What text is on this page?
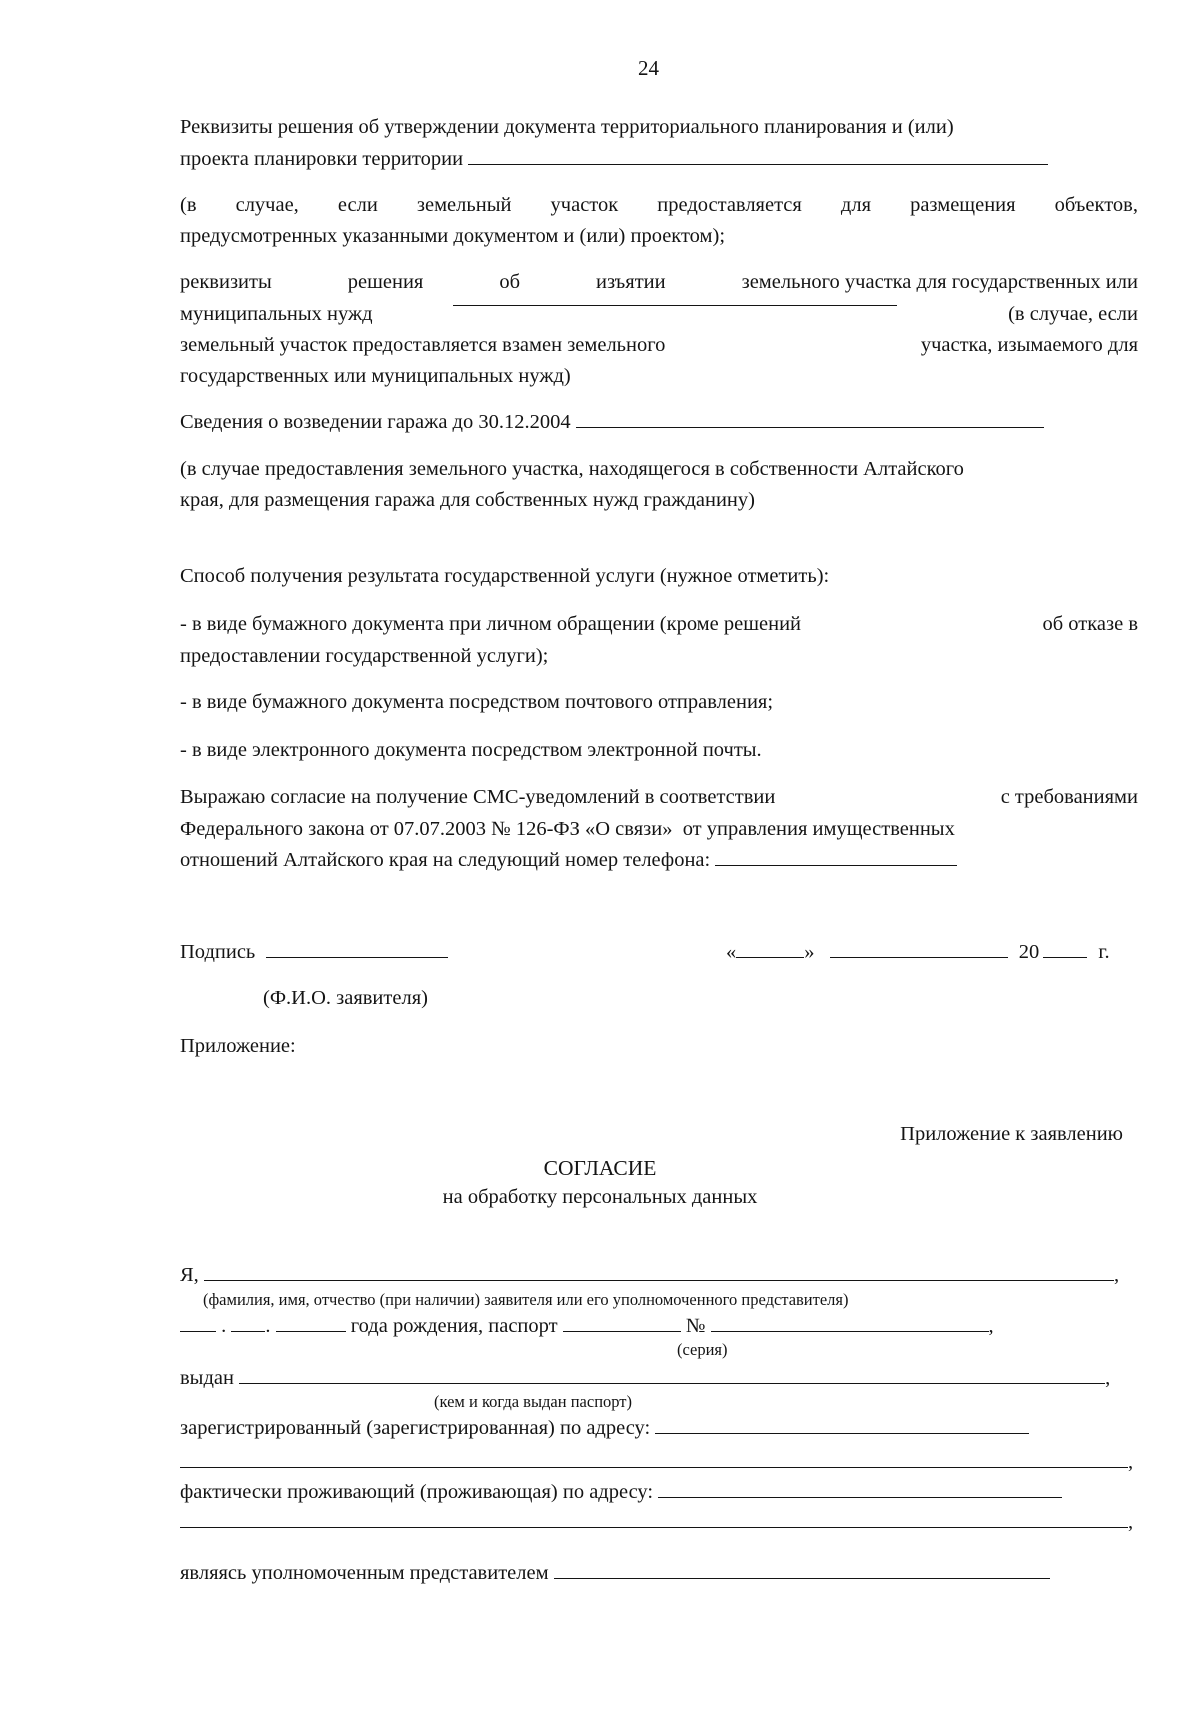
24
Реквизиты решения об утверждении документа территориального планирования и (или)
проекта планировки территории
(в случае, если земельный участок предоставляется для размещения объектов,
предусмотренных указанными документом и (или) проектом);
реквизиты	решения	об	изъятии	земельного участка для государственных или
муниципальных нужд	(в случае, если
земельный участок предоставляется взамен земельного	участка, изымаемого для
государственных или муниципальных нужд)
Сведения о возведении гаража до 30.12.2004
(в случае предоставления земельного участка, находящегося в собственности Алтайского
края, для размещения гаража для собственных нужд гражданину)
Способ получения результата государственной услуги (нужное отметить):
- в виде бумажного документа при личном обращении (кроме решений	об отказе в
предоставлении государственной услуги);
- в виде бумажного документа посредством почтового отправления;
- в виде электронного документа посредством электронной почты.
Выражаю согласие на получение СМС-уведомлений в соответствии	с требованиями
Федерального закона от 07.07.2003 № 126-ФЗ «О связи»  от управления имущественных
отношений Алтайского края на следующий номер телефона:
Подпись	«	»	20	г.
(Ф.И.О. заявителя)
Приложение:
Приложение к заявлению
СОГЛАСИЕ
на обработку персональных данных
Я,	,
(фамилия, имя, отчество (при наличии) заявителя или его уполномоченного представителя)
. .	года рождения, паспорт	№	,
(серия)
выдан	,
(кем и когда выдан паспорт)
зарегистрированный (зарегистрированная) по адресу:
,
фактически проживающий (проживающая) по адресу:
,
являясь уполномоченным представителем
